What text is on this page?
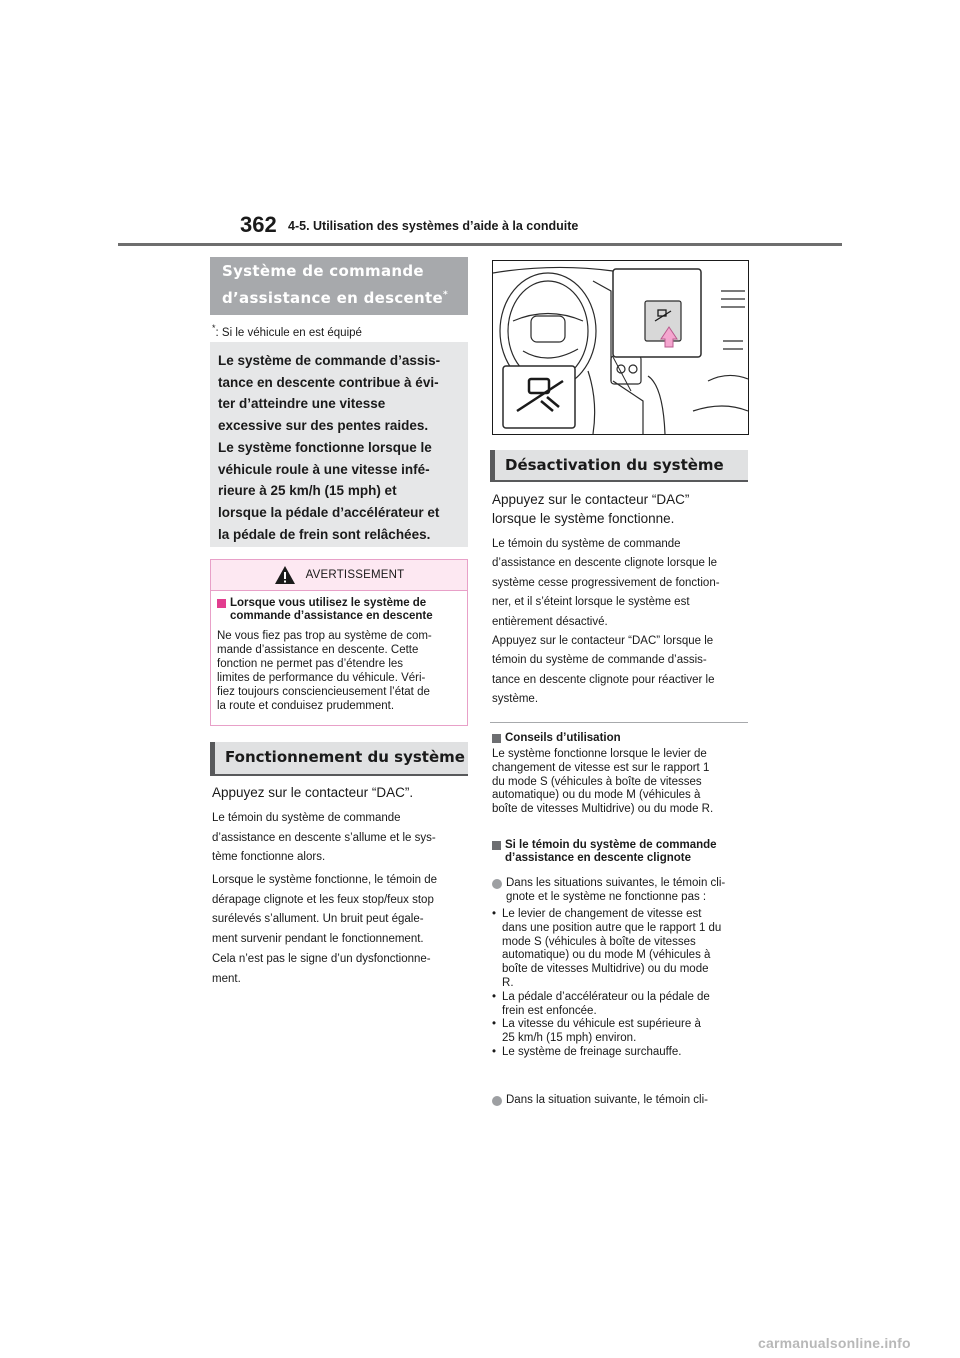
362 4-5. Utilisation des systèmes d’aide à la conduite
Système de commande
d’assistance en descente*
*: Si le véhicule en est équipé
Le système de commande d’assis-
tance en descente contribue à évi-
ter d’atteindre une vitesse
excessive sur des pentes raides.
Le système fonctionne lorsque le
véhicule roule à une vitesse infé-
rieure à 25 km/h (15 mph) et
lorsque la pédale d’accélérateur et
la pédale de frein sont relâchées.
AVERTISSEMENT
Lorsque vous utilisez le système de
commande d’assistance en descente
Ne vous fiez pas trop au système de com-
mande d’assistance en descente. Cette
fonction ne permet pas d’étendre les
limites de performance du véhicule. Véri-
fiez toujours consciencieusement l’état de
la route et conduisez prudemment.
Fonctionnement du système
Appuyez sur le contacteur “DAC”.
Le témoin du système de commande
d’assistance en descente s’allume et le sys-
tème fonctionne alors.
Lorsque le système fonctionne, le témoin de
dérapage clignote et les feux stop/feux stop
surélevés s’allument. Un bruit peut égale-
ment survenir pendant le fonctionnement.
Cela n’est pas le signe d’un dysfonctionne-
ment.
Désactivation du système
Appuyez sur le contacteur “DAC”
lorsque le système fonctionne.
Le témoin du système de commande
d’assistance en descente clignote lorsque le
système cesse progressivement de fonction-
ner, et il s’éteint lorsque le système est
entièrement désactivé.
Appuyez sur le contacteur “DAC” lorsque le
témoin du système de commande d’assis-
tance en descente clignote pour réactiver le
système.
Conseils d’utilisation
Le système fonctionne lorsque le levier de
changement de vitesse est sur le rapport 1
du mode S (véhicules à boîte de vitesses
automatique) ou du mode M (véhicules à
boîte de vitesses Multidrive) ou du mode R.
Si le témoin du système de commande
d’assistance en descente clignote
Dans les situations suivantes, le témoin cli-
gnote et le système ne fonctionne pas :
• Le levier de changement de vitesse est
dans une position autre que le rapport 1 du
mode S (véhicules à boîte de vitesses
automatique) ou du mode M (véhicules à
boîte de vitesses Multidrive) ou du mode
R.
• La pédale d’accélérateur ou la pédale de
frein est enfoncée.
• La vitesse du véhicule est supérieure à
25 km/h (15 mph) environ.
• Le système de freinage surchauffe.
Dans la situation suivante, le témoin cli-
carmanualsonline.info
